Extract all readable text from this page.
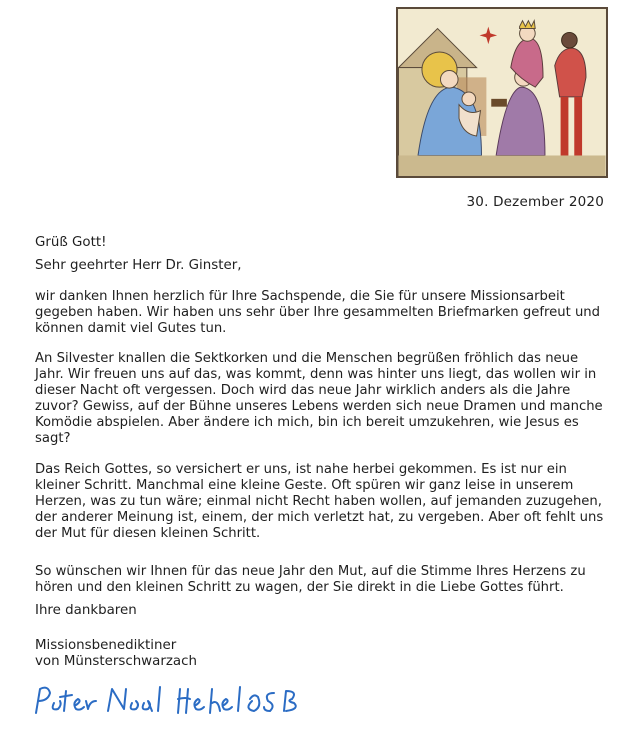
30. Dezember 2020

Grüß Gott!

Sehr geehrter Herr Dr. Ginster,

wir danken Ihnen herzlich für Ihre Sachspende, die Sie für unsere Missionsarbeit gegeben haben. Wir haben uns sehr über Ihre gesammelten Briefmarken gefreut und können damit viel Gutes tun.

An Silvester knallen die Sektkorken und die Menschen begrüßen fröhlich das neue Jahr. Wir freuen uns auf das, was kommt, denn was hinter uns liegt, das wollen wir in dieser Nacht oft vergessen. Doch wird das neue Jahr wirklich anders als die Jahre zuvor? Gewiss, auf der Bühne unseres Lebens werden sich neue Dramen und manche Komödie abspielen. Aber ändere ich mich, bin ich bereit umzukehren, wie Jesus es sagt?

Das Reich Gottes, so versichert er uns, ist nahe herbei gekommen. Es ist nur ein kleiner Schritt. Manchmal eine kleine Geste. Oft spüren wir ganz leise in unserem Herzen, was zu tun wäre; einmal nicht Recht haben wollen, auf jemanden zuzugehen, der anderer Meinung ist, einem, der mich verletzt hat, zu vergeben. Aber oft fehlt uns der Mut für diesen kleinen Schritt.

So wünschen wir Ihnen für das neue Jahr den Mut, auf die Stimme Ihres Herzens zu hören und den kleinen Schritt zu wagen, der Sie direkt in die Liebe Gottes führt.

Ihre dankbaren

Missionsbenediktiner

von Münsterschwarzach
